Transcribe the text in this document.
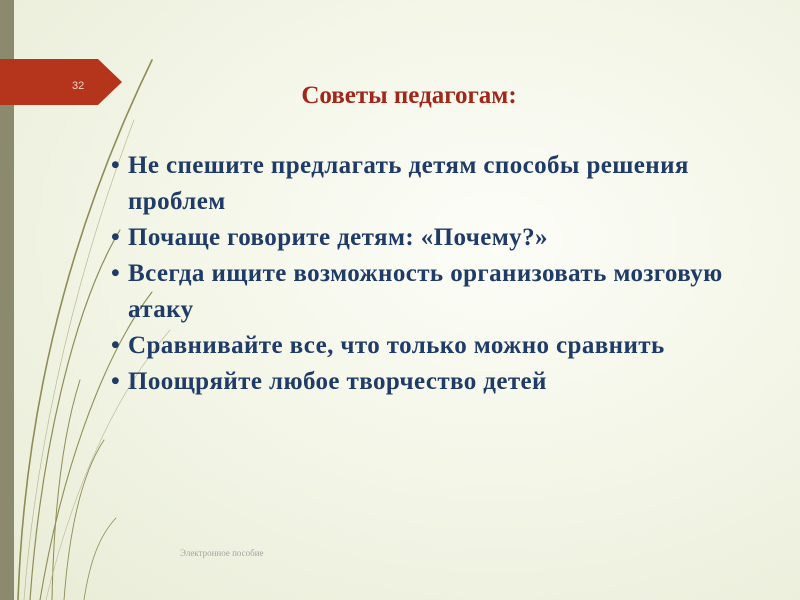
32	Советы педагогам:
• Не спешите предлагать детям способы решения проблем
• Почаще говорите детям: «Почему?»
• Всегда ищите возможность организовать мозговую атаку
• Сравнивайте все, что только можно сравнить
• Поощряйте любое творчество детей
Электронное пособие
